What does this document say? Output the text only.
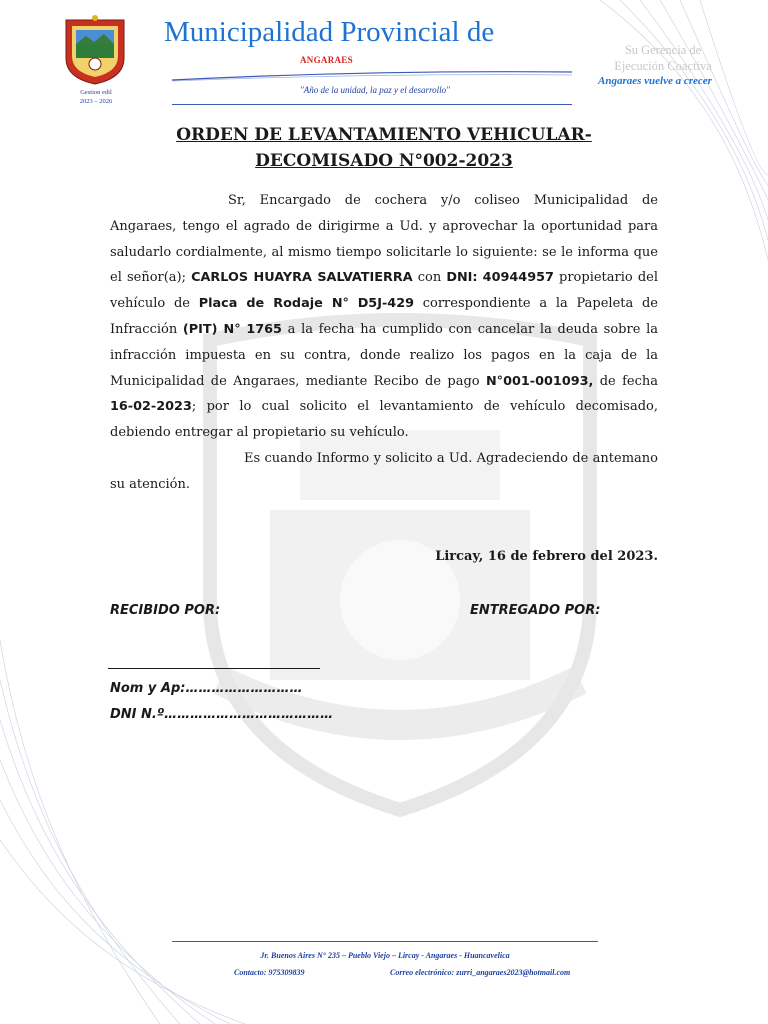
Gestion edil
2023 – 2026
Municipalidad Provincial de
ANGARAES
"Año de la unidad, la paz y el desarrollo"
Su Gerencia de
Ejecución Coactiva
Angaraes vuelve a crecer
ORDEN DE LEVANTAMIENTO VEHICULAR-
DECOMISADO N°002-2023
Sr, Encargado de cochera y/o coliseo Municipalidad de Angaraes, tengo el agrado de dirigirme a Ud. y aprovechar la oportunidad para saludarlo cordialmente, al mismo tiempo solicitarle lo siguiente: se le informa que el señor(a); CARLOS HUAYRA SALVATIERRA con DNI: 40944957 propietario del vehículo de Placa de Rodaje N° D5J-429 correspondiente a la Papeleta de Infracción (PIT) N° 1765 a la fecha ha cumplido con cancelar la deuda sobre la infracción impuesta en su contra, donde realizo los pagos en la caja de la Municipalidad de Angaraes, mediante Recibo de pago N°001-001093, de fecha 16-02-2023; por lo cual solicito el levantamiento de vehículo decomisado, debiendo entregar al propietario su vehículo.
Es cuando Informo y solicito a Ud. Agradeciendo de antemano su atención.
Lircay, 16 de febrero del 2023.
RECIBIDO POR:	ENTREGADO POR:
Nom y Ap:………………………
DNI N.º…………………………………
Jr. Buenos Aires N° 235 – Pueblo Viejo – Lircay - Angaraes - Huancavelica
Contacto: 975309839	Correo electrónico: zurri_angaraes2023@hotmail.com
